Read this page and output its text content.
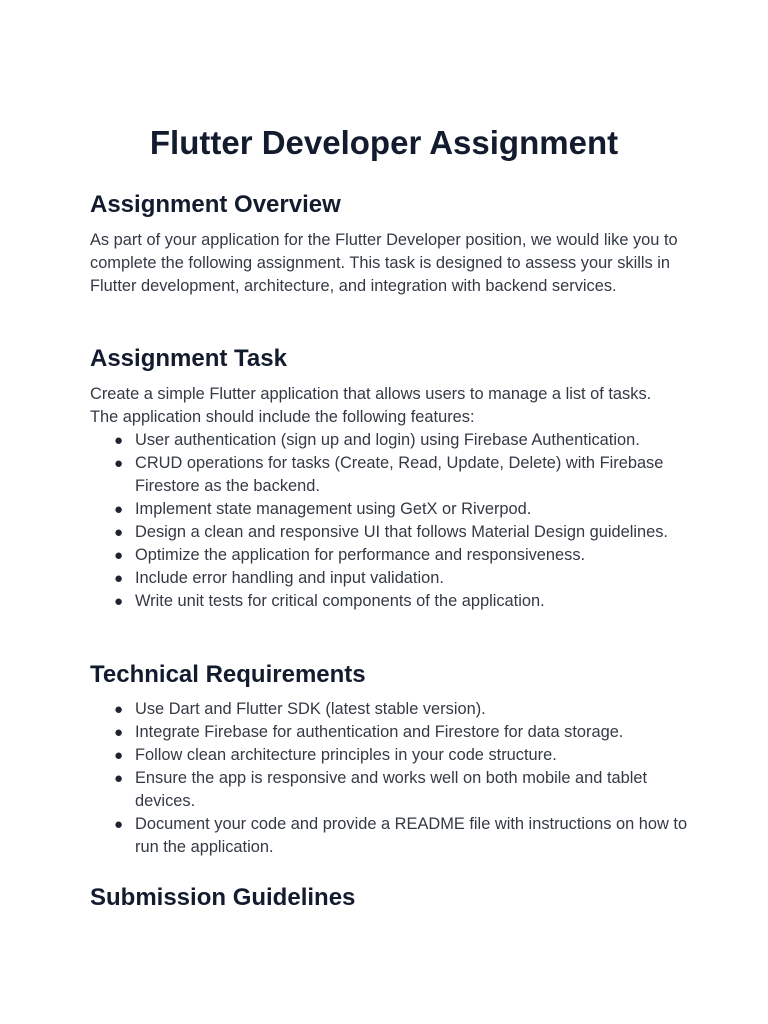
Flutter Developer Assignment
Assignment Overview

As part of your application for the Flutter Developer position, we would like you to complete the following assignment. This task is designed to assess your skills in Flutter development, architecture, and integration with backend services.

Assignment Task

Create a simple Flutter application that allows users to manage a list of tasks. The application should include the following features:

● User authentication (sign up and login) using Firebase Authentication.
● CRUD operations for tasks (Create, Read, Update, Delete) with Firebase Firestore as the backend.
● Implement state management using GetX or Riverpod.
● Design a clean and responsive UI that follows Material Design guidelines.
● Optimize the application for performance and responsiveness.
● Include error handling and input validation.
● Write unit tests for critical components of the application.
Technical Requirements
● Use Dart and Flutter SDK (latest stable version).
● Integrate Firebase for authentication and Firestore for data storage.
● Follow clean architecture principles in your code structure.
● Ensure the app is responsive and works well on both mobile and tablet devices.
● Document your code and provide a README file with instructions on how to run the application.
Submission Guidelines
